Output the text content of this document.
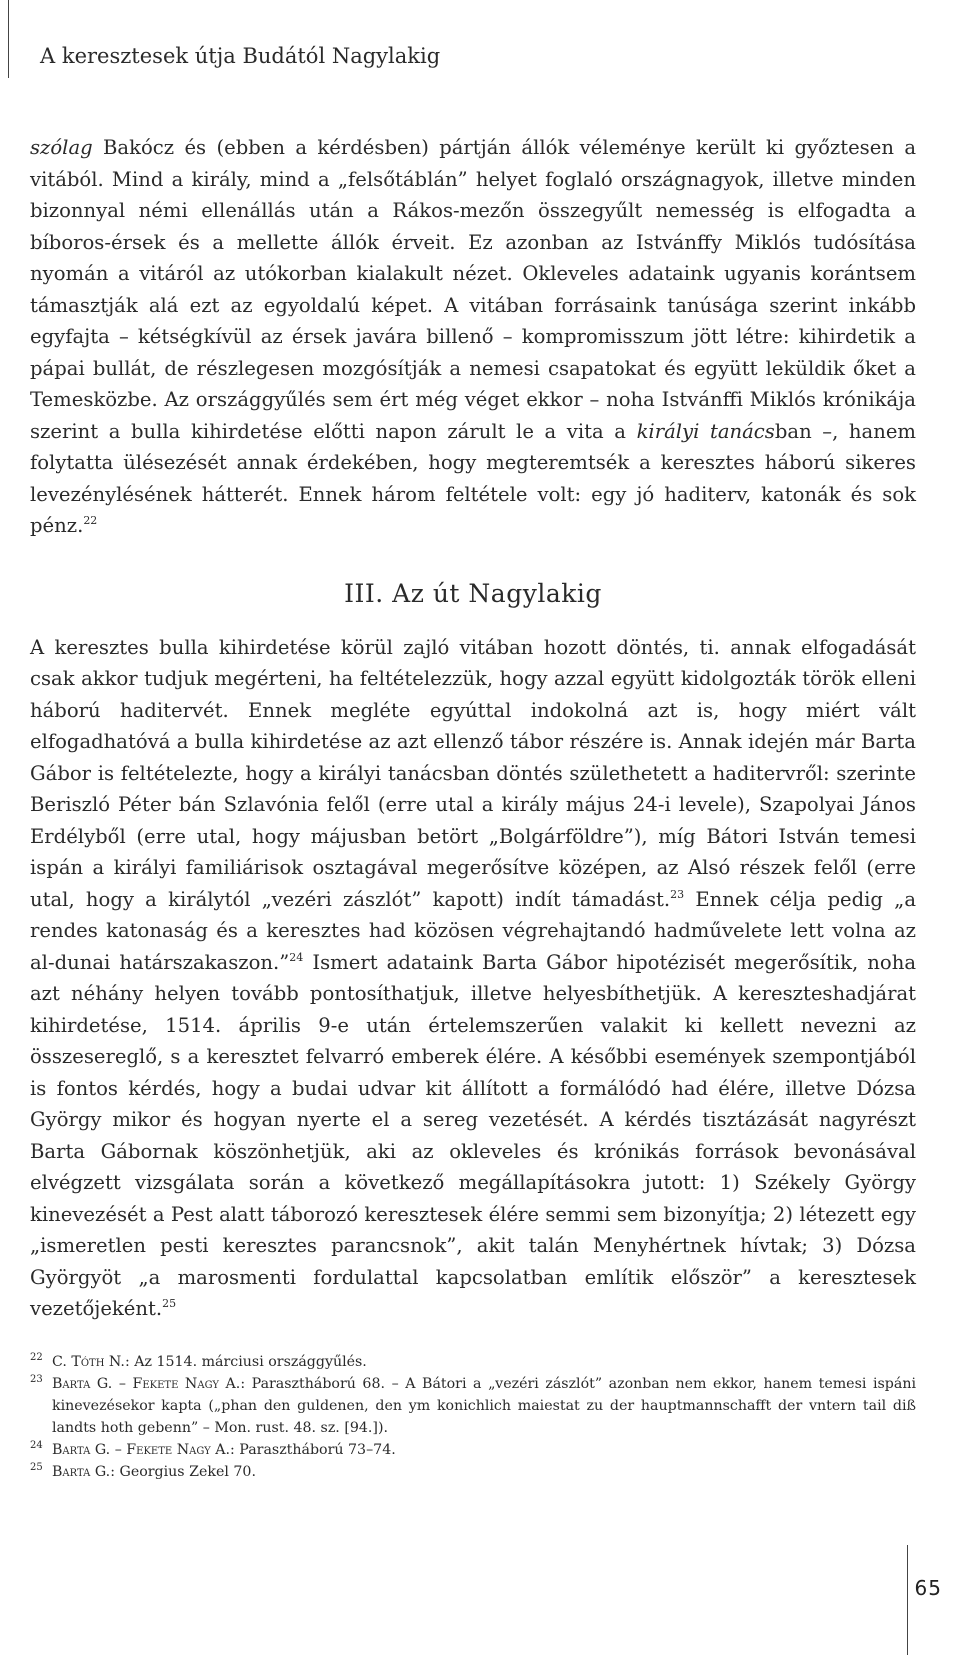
A keresztesek útja Budától Nagylakig

szólag Bakócz és (ebben a kérdésben) pártján állók véleménye került ki győztesen a vitából. Mind a király, mind a „felsőtáblán” helyet foglaló országnagyok, illetve minden bizonnyal némi ellenállás után a Rákos-mezőn összegyűlt nemesség is elfogadta a bíboros-érsek és a mellette állók érveit. Ez azonban az Istvánffy Miklós tudósítása nyomán a vitáról az utókorban kialakult nézet. Okleveles adataink ugyanis korántsem támasztják alá ezt az egyoldalú képet. A vitában forrásaink tanúsága szerint inkább egyfajta – kétségkívül az érsek javára billenő – kompromisszum jött létre: kihirdetik a pápai bullát, de részlegesen mozgósítják a nemesi csapatokat és együtt leküldik őket a Temesközbe. Az országgyűlés sem ért még véget ekkor – noha Istvánffi Miklós krónikája szerint a bulla kihirdetése előtti napon zárult le a vita a királyi tanácsban –, hanem folytatta ülésezését annak érdekében, hogy megteremtsék a keresztes háború sikeres levezénylésének hátterét. Ennek három feltétele volt: egy jó haditerv, katonák és sok pénz.$^{22}$

III. Az út Nagylakig

A keresztes bulla kihirdetése körül zajló vitában hozott döntés, ti. annak elfogadását csak akkor tudjuk megérteni, ha feltételezzük, hogy azzal együtt kidolgozták török elleni háború haditervét. Ennek megléte egyúttal indokolná azt is, hogy miért vált elfogadhatóvá a bulla kihirdetése az azt ellenző tábor részére is. Annak idején már Barta Gábor is feltételezte, hogy a királyi tanácsban döntés születhetett a haditervről: szerinte Beriszló Péter bán Szlavónia felől (erre utal a király május 24-i levele), Szapolyai János Erdélyből (erre utal, hogy májusban betört „Bolgárföldre”), míg Bátori István temesi ispán a királyi familiárisok osztagával megerősítve középen, az Alsó részek felől (erre utal, hogy a királytól „vezéri zászlót” kapott) indít támadást.$^{23}$ Ennek célja pedig „a rendes katonaság és a keresztes had közösen végrehajtandó hadművelete lett volna az al-dunai határszakaszon.”$^{24}$ Ismert adataink Barta Gábor hipotézisét megerősítik, noha azt néhány helyen tovább pontosíthatjuk, illetve helyesbíthetjük. A kereszteshadjárat kihirdetése, 1514. április 9-e után értelemszerűen valakit ki kellett nevezni az összesereglő, s a keresztet felvarró emberek élére. A későbbi események szempontjából is fontos kérdés, hogy a budai udvar kit állított a formálódó had élére, illetve Dózsa György mikor és hogyan nyerte el a sereg vezetését. A kérdés tisztázását nagyrészt Barta Gábornak köszönhetjük, aki az okleveles és krónikás források bevonásával elvégzett vizsgálata során a következő megállapításokra jutott: 1) Székely György kinevezését a Pest alatt táborozó keresztesek élére semmi sem bizonyítja; 2) létezett egy „ismeretlen pesti keresztes parancsnok”, akit talán Menyhértnek hívtak; 3) Dózsa Györgyöt „a marosmenti fordulattal kapcsolatban említik először” a keresztesek vezetőjeként.$^{25}$

22 C. Tóth N.: Az 1514. márciusi országgyűlés.
23 Barta G. – Fekete Nagy A.: Parasztháború 68. – A Bátori a „vezéri zászlót” azonban nem ekkor, hanem temesi ispáni kinevezésekor kapta („phan den guldenen, den ym konichlich maiestat zu der hauptmannschafft der vntern tail diß landts hoth gebenn” – Mon. rust. 48. sz. [94.]).
24 Barta G. – Fekete Nagy A.: Parasztháború 73–74.
25 Barta G.: Georgius Zekel 70.
65
